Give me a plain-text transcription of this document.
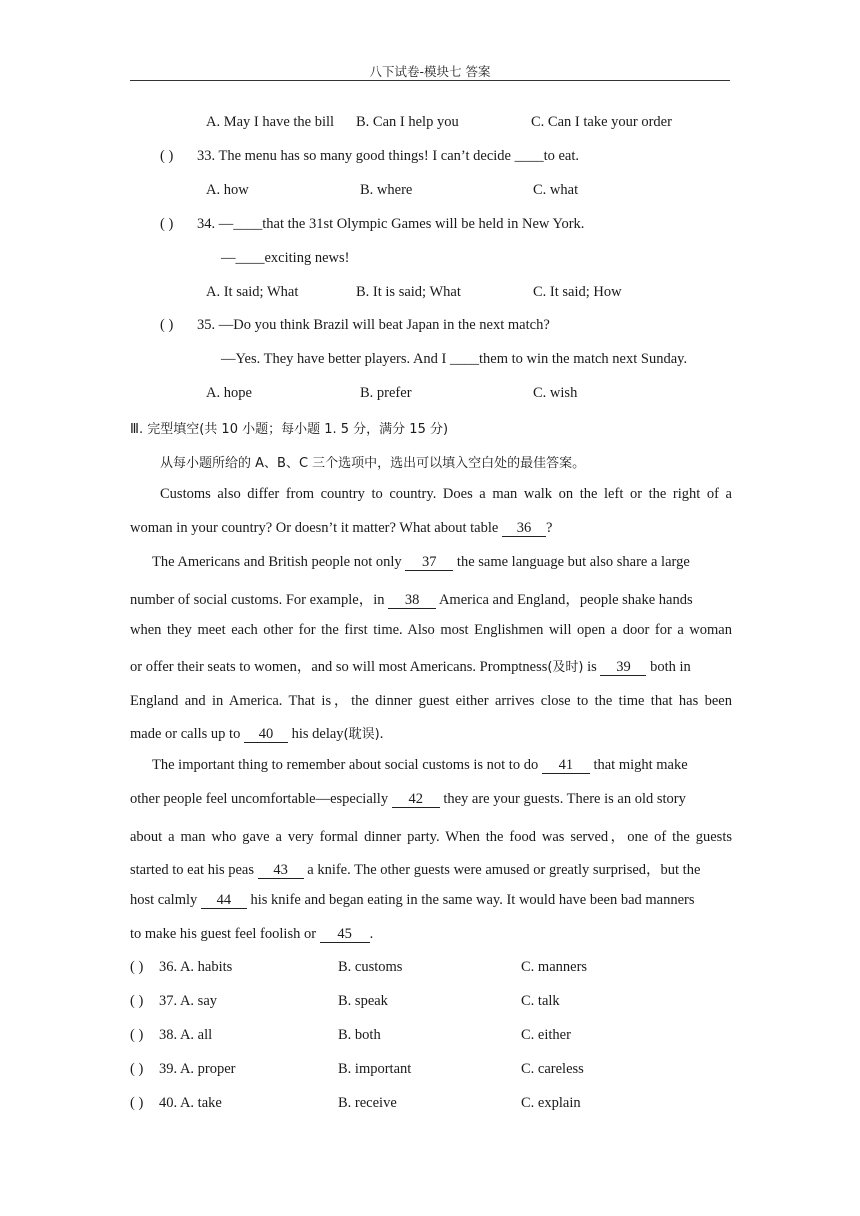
八下试卷-模块七 答案
A. May I have the bill B. Can I help you	C. Can I take your order
( ) 33. The menu has so many good things! I can’t decide ____to eat.
A. how	B. where	C. what
( ) 34. —____that the 31st Olympic Games will be held in New York.
—____exciting news!
A. It said; What	B. It is said; What	C. It said; How
( ) 35. —Do you think Brazil will beat Japan in the next match?
—Yes. They have better players. And I ____them to win the match next Sunday.
A. hope	B. prefer	C. wish
Ⅲ. 完型填空(共 10 小题；每小题 1. 5 分，满分 15 分)
从每小题所给的 A、B、C 三个选项中，选出可以填入空白处的最佳答案。
Customs also differ from country to country. Does a man walk on the left or the right of a
woman in your country? Or doesn’t it matter? What about table 36 ?
The Americans and British people not only 37 the same language but also share a large
number of social customs. For example，in 38 America and England，people shake hands
when they meet each other for the first time. Also most Englishmen will open a door for a woman
or offer their seats to women，and so will most Americans. Promptness(及时) is 39 both in
England and in America. That is，the dinner guest either arrives close to the time that has been
made or calls up to 40 his delay(耽误).
The important thing to remember about social customs is not to do 41 that might make
other people feel uncomfortable—especially 42 they are your guests. There is an old story
about a man who gave a very formal dinner party. When the food was served，one of the guests
started to eat his peas 43 a knife. The other guests were amused or greatly surprised，but the
host calmly 44 his knife and began eating in the same way. It would have been bad manners
to make his guest feel foolish or 45 .
( ) 36. A. habits	B. customs	C. manners
( ) 37. A. say	B. speak	C. talk
( ) 38. A. all	B. both	C. either
( ) 39. A. proper	B. important	C. careless
( ) 40. A. take	B. receive	C. explain
